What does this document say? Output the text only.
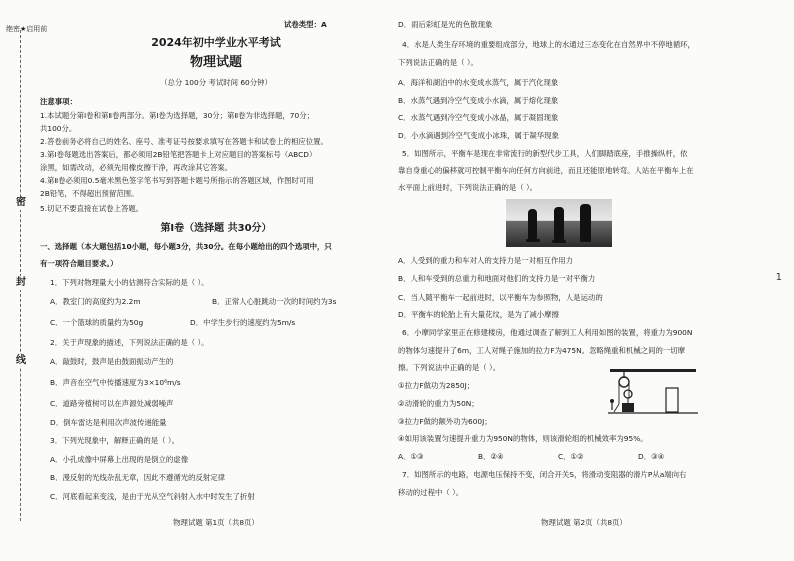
绝密★启用前
密
封
线
试卷类型：A
2024年初中学业水平考试
物理试题
（总分 100分 考试时间 60分钟）
注意事项：
1.本试题分第Ⅰ卷和第Ⅱ卷两部分。第Ⅰ卷为选择题，30分；第Ⅱ卷为非选择题，70分；
共100分。
2.答卷前务必将自己的姓名、座号、准考证号按要求填写在答题卡和试卷上的相应位置。
3.第Ⅰ卷每题选出答案后，都必须用2B铅笔把答题卡上对应题目的答案标号（ABCD）
涂黑，如需改动，必须先用橡皮擦干净，再改涂其它答案。
4.第Ⅱ卷必须用0.5毫米黑色签字笔书写到答题卡题号所指示的答题区域，作图时可用
2B铅笔，不得超出预留范围。
5.切记不要直接在试卷上答题。
第Ⅰ卷（选择题 共30分）
一、选择题（本大题包括10小题，每小题3分，共30分。在每小题给出的四个选项中，只
有一项符合题目要求。）
1．下列对物理量大小的估测符合实际的是（ ）。
A．教室门的高度约为2.2m	B．正常人心脏跳动一次的时间约为3s
C．一个篮球的质量约为50g	D．中学生步行的速度约为5m/s
2．关于声现象的描述，下列说法正确的是（ ）。
A．敲鼓时，鼓声是由鼓面振动产生的
B．声音在空气中传播速度为3×10⁸m/s
C．道路旁植树可以在声源处减弱噪声
D．倒车雷达是利用次声波传递能量
3．下列光现象中，解释正确的是（ ）。
A．小孔成像中屏幕上出现的是倒立的虚像
B．漫反射的光线杂乱无章，因此不遵循光的反射定律
C．河底看起来变浅，是由于光从空气斜射入水中时发生了折射
物理试题 第1页（共8页）
D．雨后彩虹是光的色散现象
4．水是人类生存环境的重要组成部分，地球上的水通过三态变化在自然界中不停地循环，
下列说法正确的是（ ）。
A．海洋和湖泊中的水变成水蒸气，属于汽化现象
B．水蒸气遇到冷空气变成小水滴，属于熔化现象
C．水蒸气遇到冷空气变成小冰晶，属于凝固现象
D．小水滴遇到冷空气变成小冰珠，属于凝华现象
5．如图所示，平衡车是现在非常流行的新型代步工具，人们脚踏底座，手推操纵杆，依
靠自身重心的偏移就可控制平衡车向任何方向前进，而且还能原地转弯。人站在平衡车上在
水平面上前进时，下列说法正确的是（ ）。
A．人受到的重力和车对人的支持力是一对相互作用力
B．人和车受到的总重力和地面对他们的支持力是一对平衡力
C．当人随平衡车一起前进时，以平衡车为参照物，人是运动的
D．平衡车的轮胎上有大量花纹，是为了减小摩擦
6．小摩同学家里正在修建楼房，他通过调查了解到工人利用如图的装置，将重力为900N
的物体匀速提升了6m，工人对绳子施加的拉力F为475N。忽略绳重和机械之间的一切摩
擦。下列说法中正确的是（ ）。
①拉力F做功为2850J；
②动滑轮的重力为50N；
③拉力F做的额外功为600J；
④如用该装置匀速提升重力为950N的物体，则该滑轮组的机械效率为95%。
A．①③	B．②④	C．①②	D．③④
7．如图所示的电路，电源电压保持不变，闭合开关S，将滑动变阻器的滑片P从a端向右
移动的过程中（ ）。
物理试题 第2页（共8页）
1
